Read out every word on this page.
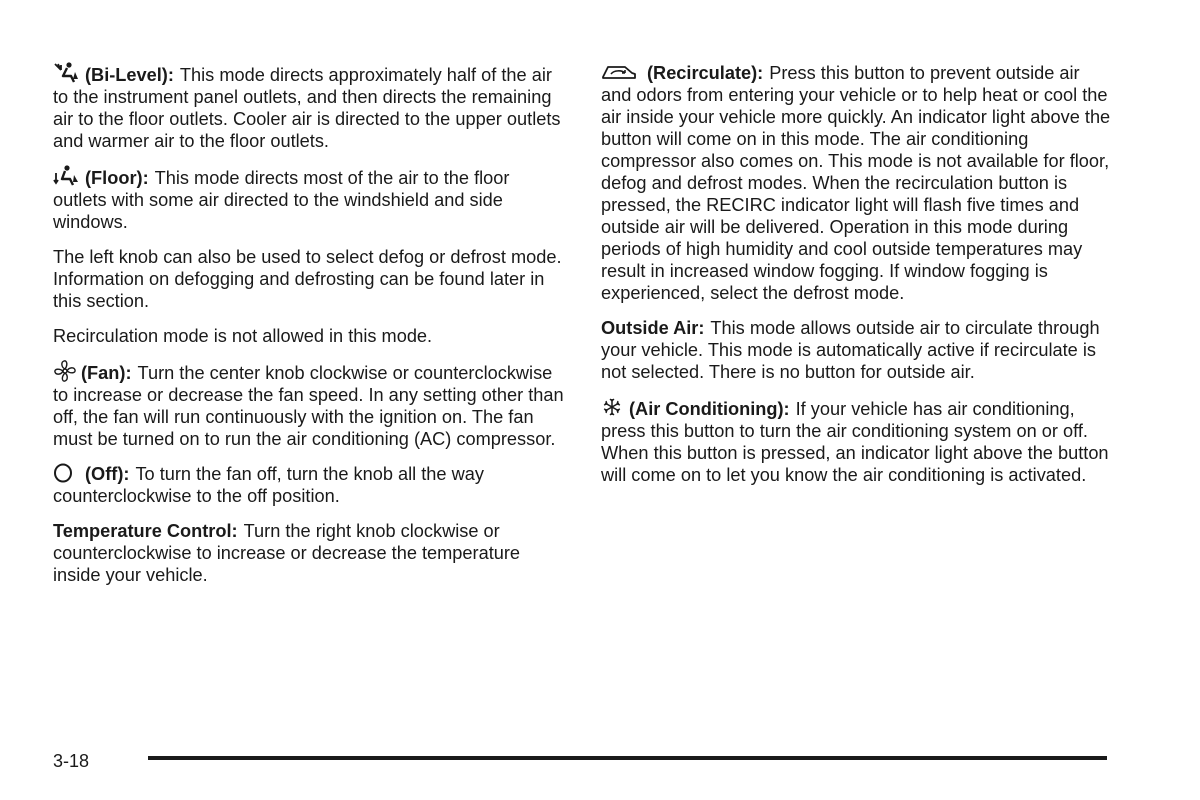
(Bi-Level): This mode directs approximately half of the air to the instrument panel outlets, and then directs the remaining air to the floor outlets. Cooler air is directed to the upper outlets and warmer air to the floor outlets.

(Floor): This mode directs most of the air to the floor outlets with some air directed to the windshield and side windows.

The left knob can also be used to select defog or defrost mode. Information on defogging and defrosting can be found later in this section.

Recirculation mode is not allowed in this mode.

(Fan): Turn the center knob clockwise or counterclockwise to increase or decrease the fan speed. In any setting other than off, the fan will run continuously with the ignition on. The fan must be turned on to run the air conditioning (AC) compressor.

(Off): To turn the fan off, turn the knob all the way counterclockwise to the off position.

Temperature Control: Turn the right knob clockwise or counterclockwise to increase or decrease the temperature inside your vehicle.

(Recirculate): Press this button to prevent outside air and odors from entering your vehicle or to help heat or cool the air inside your vehicle more quickly. An indicator light above the button will come on in this mode. The air conditioning compressor also comes on. This mode is not available for floor, defog and defrost modes. When the recirculation button is pressed, the RECIRC indicator light will flash five times and outside air will be delivered. Operation in this mode during periods of high humidity and cool outside temperatures may result in increased window fogging. If window fogging is experienced, select the defrost mode.

Outside Air: This mode allows outside air to circulate through your vehicle. This mode is automatically active if recirculate is not selected. There is no button for outside air.

(Air Conditioning): If your vehicle has air conditioning, press this button to turn the air conditioning system on or off. When this button is pressed, an indicator light above the button will come on to let you know the air conditioning is activated.

3-18
